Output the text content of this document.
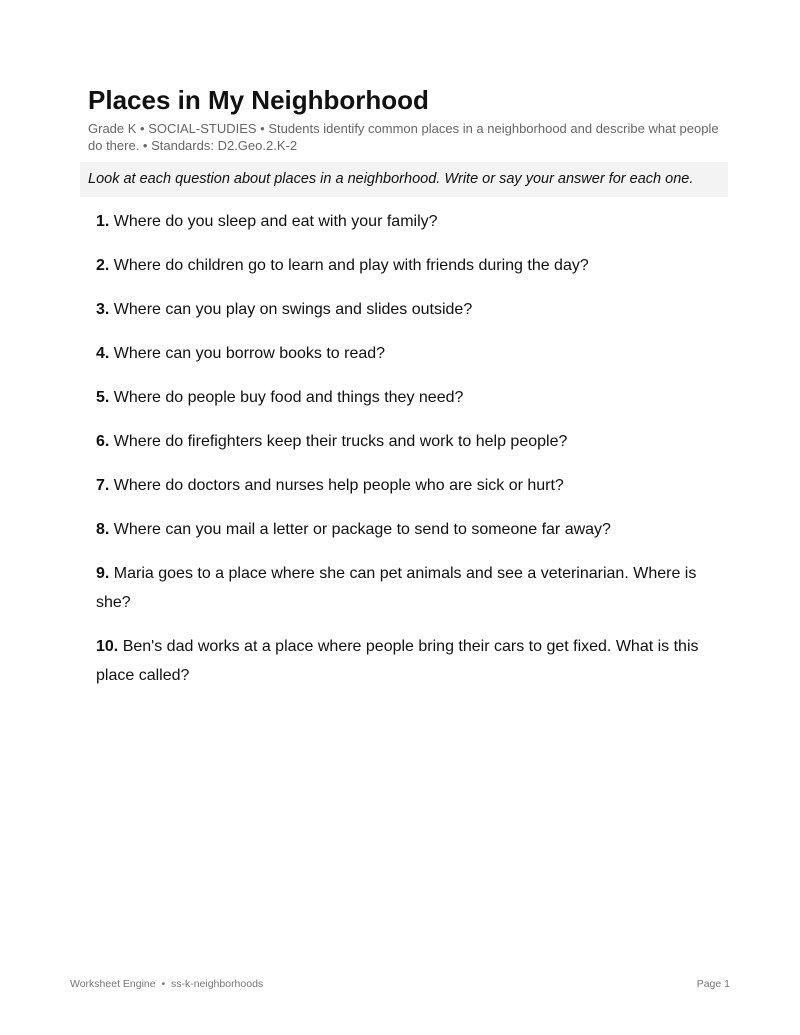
Places in My Neighborhood
Grade K • SOCIAL-STUDIES • Students identify common places in a neighborhood and describe what people do there. • Standards: D2.Geo.2.K-2
Look at each question about places in a neighborhood. Write or say your answer for each one.
1. Where do you sleep and eat with your family?
2. Where do children go to learn and play with friends during the day?
3. Where can you play on swings and slides outside?
4. Where can you borrow books to read?
5. Where do people buy food and things they need?
6. Where do firefighters keep their trucks and work to help people?
7. Where do doctors and nurses help people who are sick or hurt?
8. Where can you mail a letter or package to send to someone far away?
9. Maria goes to a place where she can pet animals and see a veterinarian. Where is she?
10. Ben's dad works at a place where people bring their cars to get fixed. What is this place called?
Worksheet Engine  •  ss-k-neighborhoods	Page 1
